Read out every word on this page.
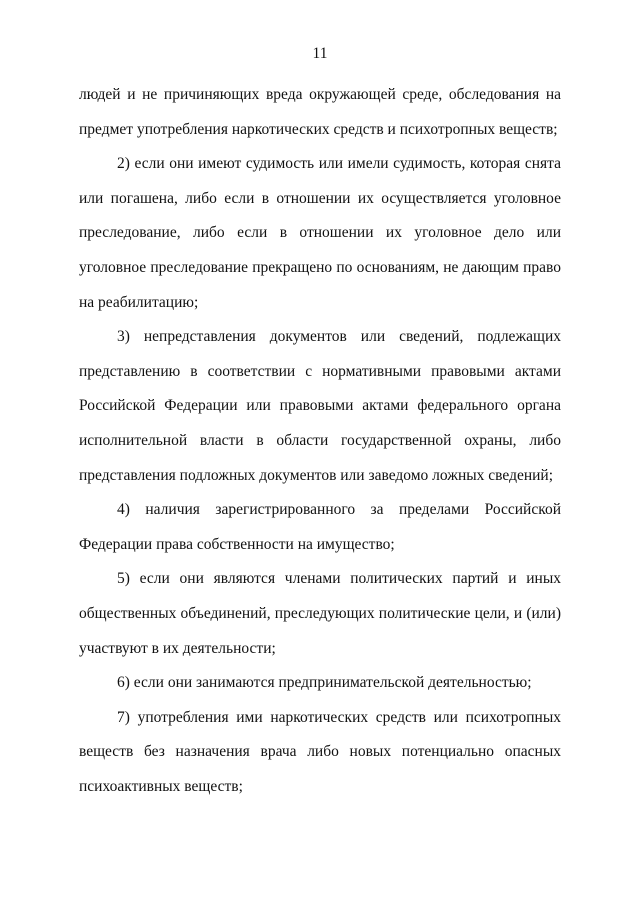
11

людей и не причиняющих вреда окружающей среде, обследования на предмет употребления наркотических средств и психотропных веществ;

2) если они имеют судимость или имели судимость, которая снята или погашена, либо если в отношении их осуществляется уголовное преследование, либо если в отношении их уголовное дело или уголовное преследование прекращено по основаниям, не дающим право на реабилитацию;

3) непредставления документов или сведений, подлежащих представлению в соответствии с нормативными правовыми актами Российской Федерации или правовыми актами федерального органа исполнительной власти в области государственной охраны, либо представления подложных документов или заведомо ложных сведений;

4) наличия зарегистрированного за пределами Российской Федерации права собственности на имущество;

5) если они являются членами политических партий и иных общественных объединений, преследующих политические цели, и (или) участвуют в их деятельности;

6) если они занимаются предпринимательской деятельностью;

7) употребления ими наркотических средств или психотропных веществ без назначения врача либо новых потенциально опасных психоактивных веществ;
